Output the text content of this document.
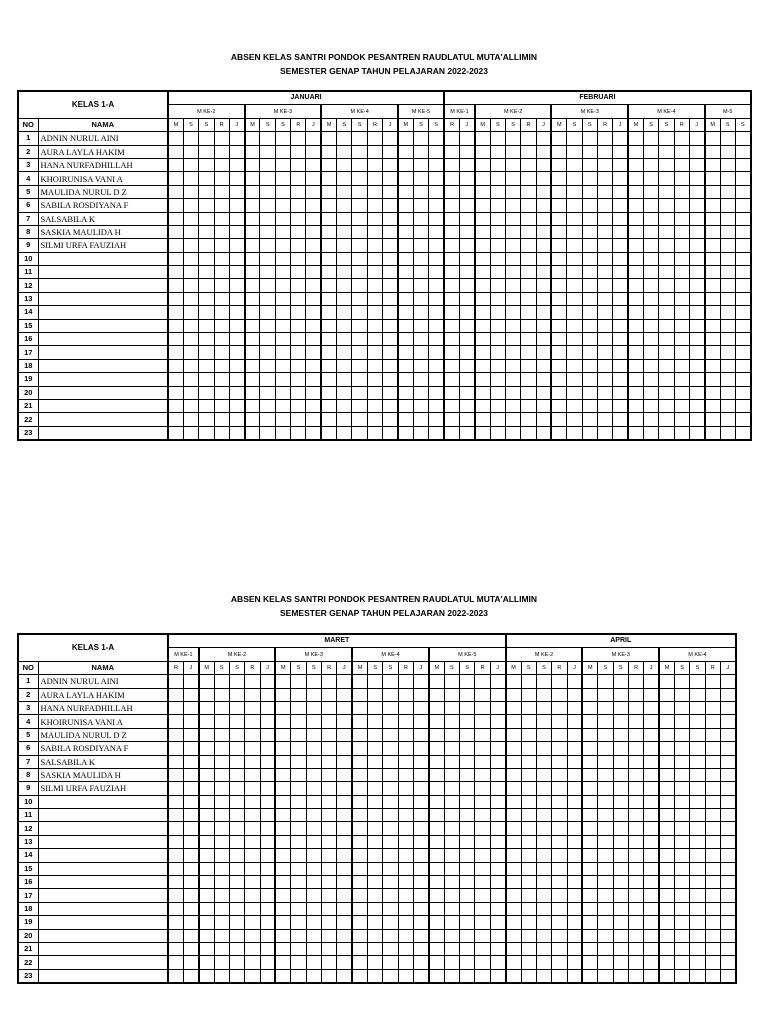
ABSEN KELAS SANTRI PONDOK PESANTREN RAUDLATUL MUTA'ALLIMIN
SEMESTER GENAP TAHUN PELAJARAN 2022-2023
KELAS 1-A		JANUARI																		FEBRUARI																			
		M KE-2					M KE-3					M KE-4					M KE-5			M KE-1		M KE-2					M KE-3					M KE-4					M-5		
NO	NAMA	M	S	S	R	J	M	S	S	R	J	M	S	S	R	J	M	S	S	R	J	M	S	S	R	J	M	S	S	R	J	M	S	S	R	J	M	S	S
1	ADNIN NURUL AINI																																						
2	AURA LAYLA HAKIM																																						
3	HANA NURFADHILLAH																																						
4	KHOIRUNISA VANI A																																						
5	MAULIDA NURUL D Z																																						
6	SABILA ROSDIYANA F																																						
7	SALSABILA K																																						
8	SASKIA MAULIDA H																																						
9	SILMI URFA FAUZIAH																																						
10																																							
11																																							
12																																							
13																																							
14																																							
15																																							
16																																							
17																																							
18																																							
19																																							
20																																							
21																																							
22																																							
23																																							
ABSEN KELAS SANTRI PONDOK PESANTREN RAUDLATUL MUTA'ALLIMIN
SEMESTER GENAP TAHUN PELAJARAN 2022-2023
KELAS 1-A		MARET																						APRIL														
		M KE-1		M KE-2					M KE-3					M KE-4					M KE-5					M KE-2					M KE-3					M KE-4				
NO	NAMA	R	J	M	S	S	R	J	M	S	S	R	J	M	S	S	R	J	M	S	S	R	J	M	S	S	R	J	M	S	S	R	J	M	S	S	R	J
1	ADNIN NURUL AINI																																					
2	AURA LAYLA HAKIM																																					
3	HANA NURFADHILLAH																																					
4	KHOIRUNISA VANI A																																					
5	MAULIDA NURUL D Z																																					
6	SABILA ROSDIYANA F																																					
7	SALSABILA K																																					
8	SASKIA MAULIDA H																																					
9	SILMI URFA FAUZIAH																																					
10																																						
11																																						
12																																						
13																																						
14																																						
15																																						
16																																						
17																																						
18																																						
19																																						
20																																						
21																																						
22																																						
23																																						
